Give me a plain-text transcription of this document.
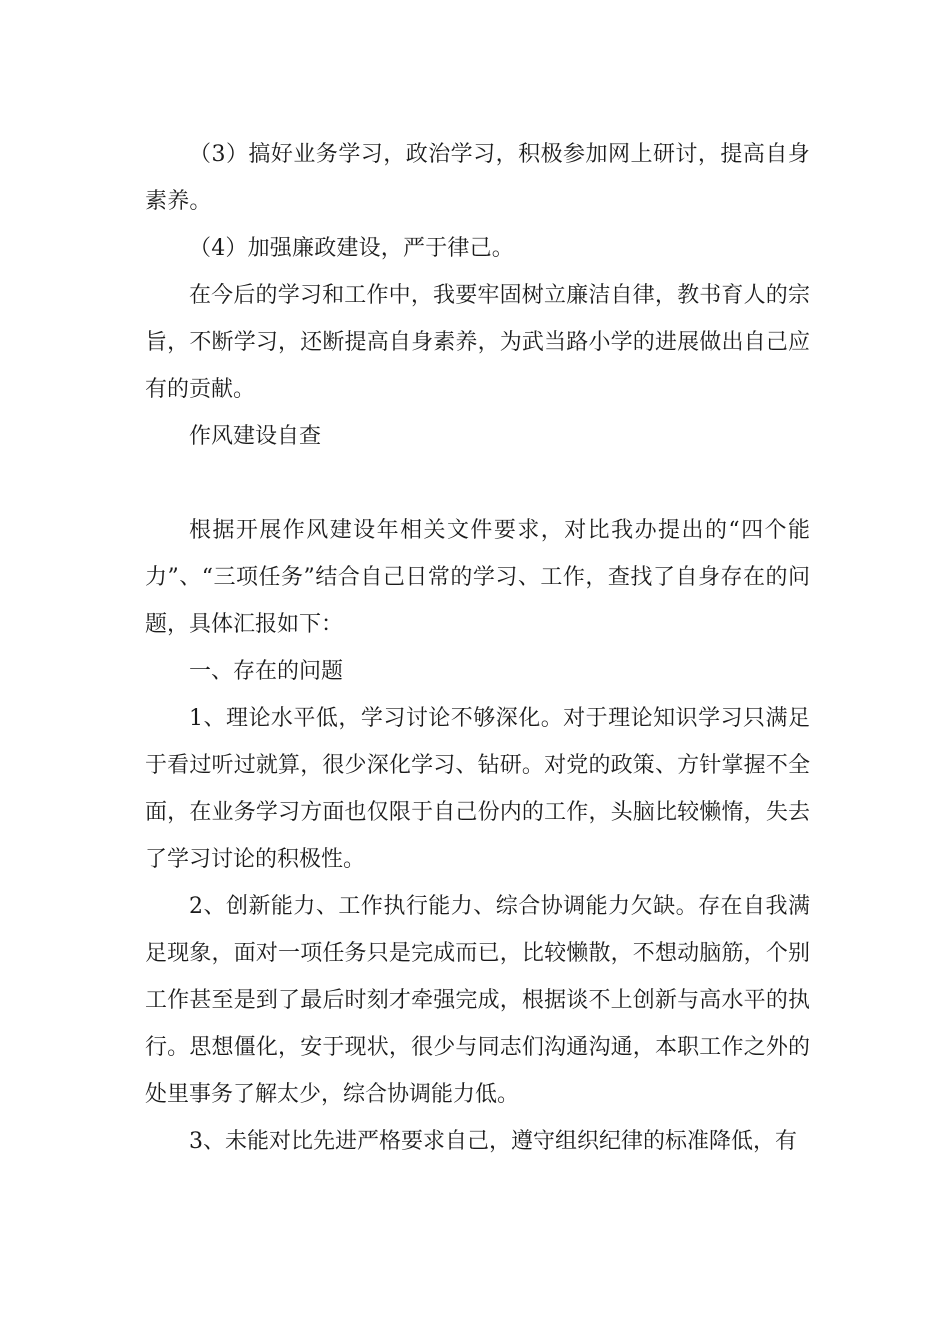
（3）搞好业务学习，政治学习，积极参加网上研讨，提高自身素养。

（4）加强廉政建设，严于律己。

在今后的学习和工作中，我要牢固树立廉洁自律，教书育人的宗旨，不断学习，还断提高自身素养，为武当路小学的进展做出自己应有的贡献。

作风建设自查

根据开展作风建设年相关文件要求，对比我办提出的“四个能力”、“三项任务”结合自己日常的学习、工作，查找了自身存在的问题，具体汇报如下：

一、存在的问题

1、理论水平低，学习讨论不够深化。对于理论知识学习只满足于看过听过就算，很少深化学习、钻研。对党的政策、方针掌握不全面，在业务学习方面也仅限于自己份内的工作，头脑比较懒惰，失去了学习讨论的积极性。

2、创新能力、工作执行能力、综合协调能力欠缺。存在自我满足现象，面对一项任务只是完成而已，比较懒散，不想动脑筋，个别工作甚至是到了最后时刻才牵强完成，根据谈不上创新与高水平的执行。思想僵化，安于现状，很少与同志们沟通沟通，本职工作之外的处里事务了解太少，综合协调能力低。

3、未能对比先进严格要求自己，遵守组织纪律的标准降低，有
